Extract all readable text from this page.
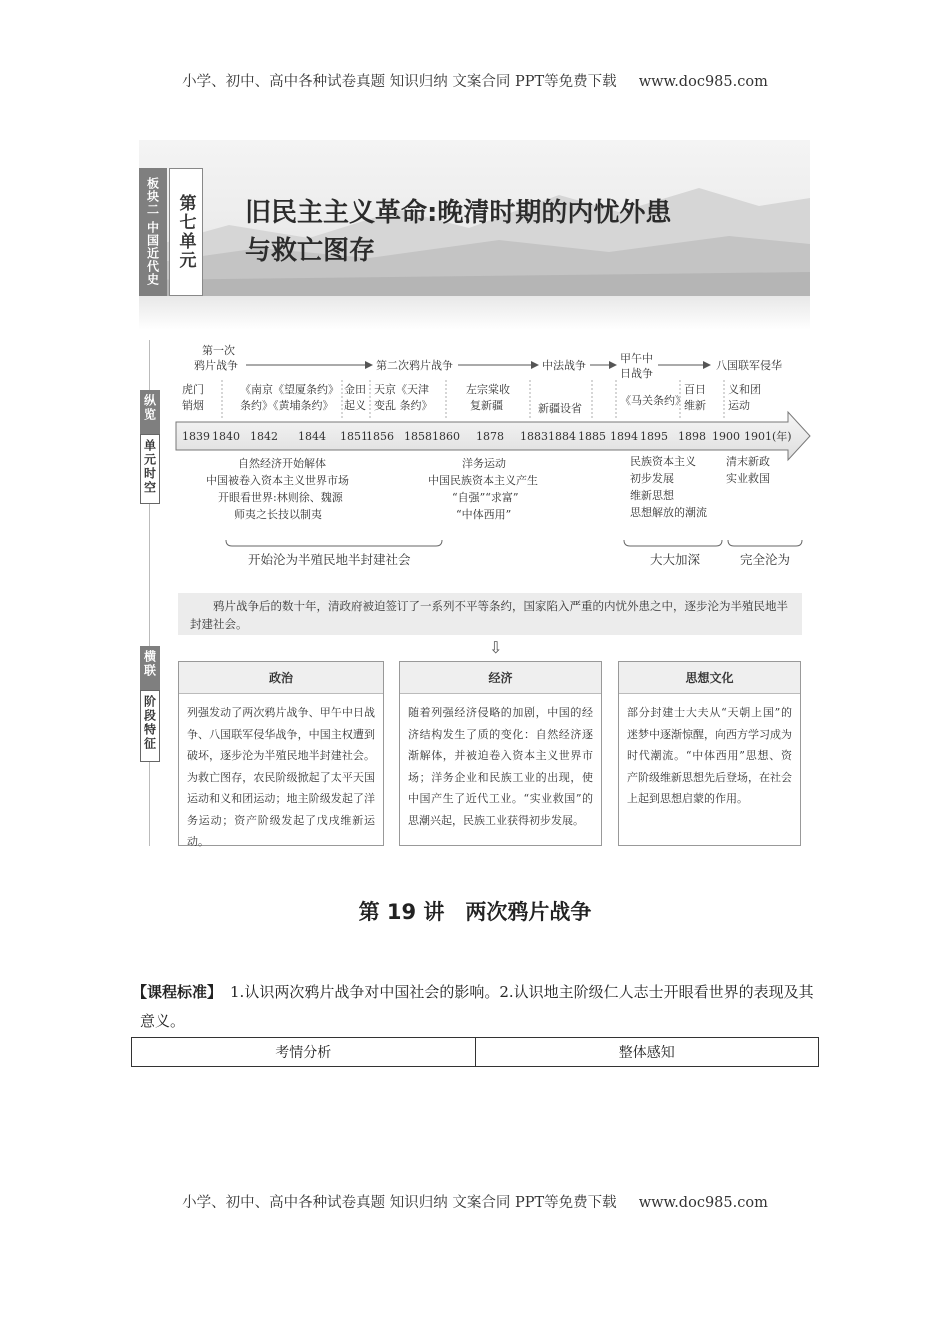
小学、初中、高中各种试卷真题 知识归纳 文案合同 PPT等免费下载 www.doc985.com
板块二 中国近代史 第七单元 旧民主主义革命:晚清时期的内忧外患
与救亡图存
纵览
单元时空
横联
阶段特征
第一次
鸦片战争	第二次鸦片战争	中法战争
甲午中
日战争
八国联军侵华
虎门
销烟
《南京《望厦条约》
条约》《黄埔条约》
金田
起义
天京《天津
变乱 条约》
左宗棠收
复新疆	新疆设省
《马关条约》
百日
维新
义和团
运动
1839 1840 1842 1844 1851
1856 1858 1860 1878 1883 1884 1885 1894 1895 1898 1900 1901 (年)
自然经济开始解体
中国被卷入资本主义世界市场
开眼看世界:林则徐、魏源
师夷之长技以制夷
洋务运动
中国民族资本主义产生
“自强”“求富”
“中体西用”
民族资本主义
初步发展
维新思想
思想解放的潮流
清末新政
实业救国
开始沦为半殖民地半封建社会	大大加深	完全沦为
鸦片战争后的数十年，清政府被迫签订了一系列不平等条约，国家陷入严重的内忧外患之中，逐步沦为半殖民地半封建社会。
⇩
政治
列强发动了两次鸦片战争、甲午中日战争、八国联军侵华战争，中国主权遭到破坏，逐步沦为半殖民地半封建社会。为救亡图存，农民阶级掀起了太平天国运动和义和团运动；地主阶级发起了洋务运动；资产阶级发起了戊戌维新运动。
经济
随着列强经济侵略的加剧，中国的经济结构发生了质的变化：自然经济逐渐解体，并被迫卷入资本主义世界市场；洋务企业和民族工业的出现，使中国产生了近代工业。“实业救国”的思潮兴起，民族工业获得初步发展。
思想文化
部分封建士大夫从“天朝上国”的迷梦中逐渐惊醒，向西方学习成为时代潮流。“中体西用”思想、资产阶级维新思想先后登场，在社会上起到思想启蒙的作用。
第 19 讲　两次鸦片战争
【课程标准】 1.认识两次鸦片战争对中国社会的影响。2.认识地主阶级仁人志士开眼看世界的表现及其意义。
考情分析	整体感知
小学、初中、高中各种试卷真题 知识归纳 文案合同 PPT等免费下载 www.doc985.com
